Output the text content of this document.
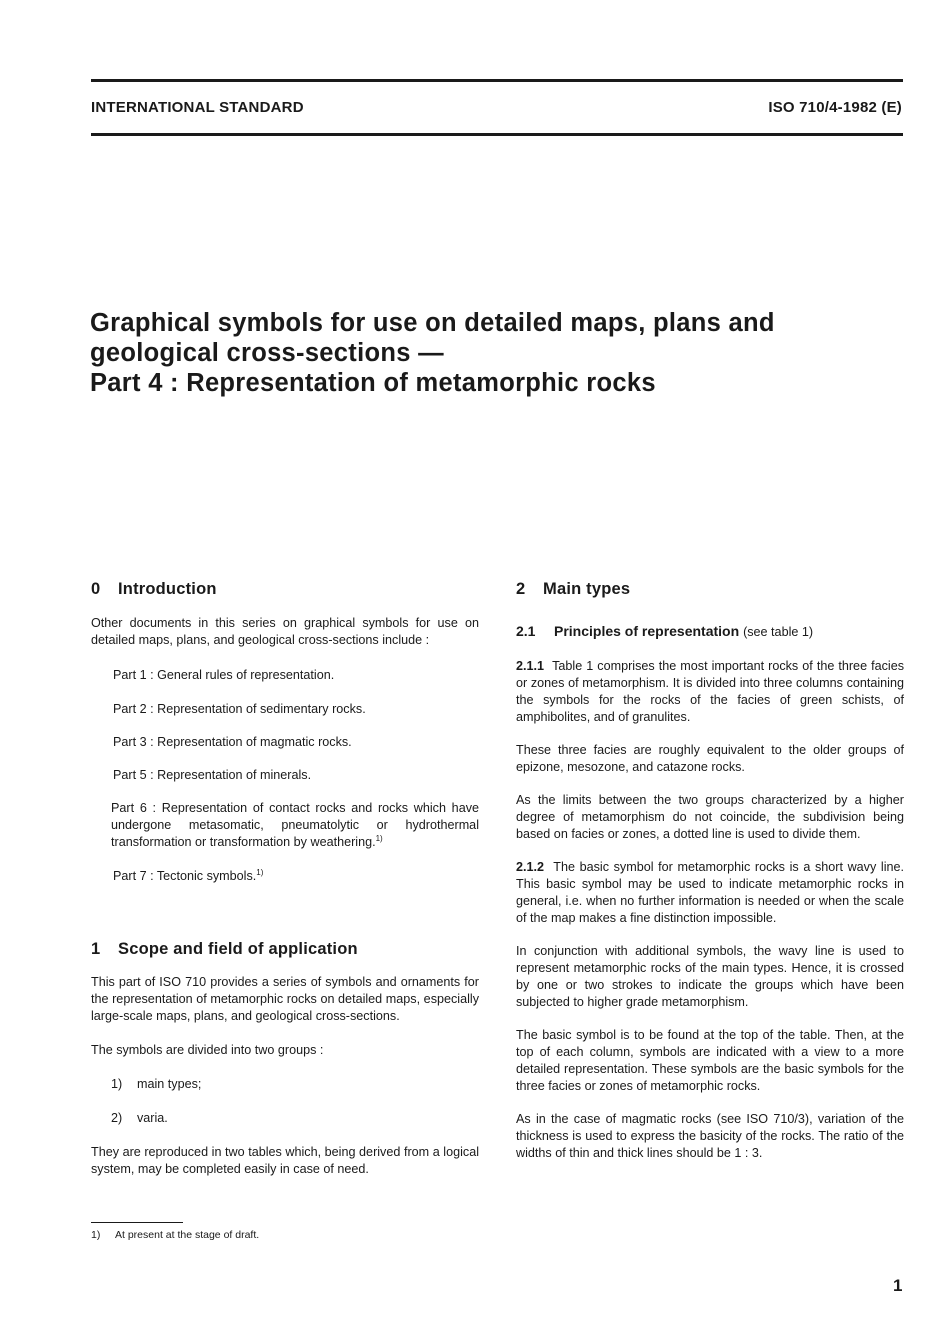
INTERNATIONAL STANDARD	ISO 710/4-1982 (E)
Graphical symbols for use on detailed maps, plans and
geological cross-sections —
Part 4 : Representation of metamorphic rocks
0 Introduction

Other documents in this series on graphical symbols for use on detailed maps, plans, and geological cross-sections include :

Part 1 : General rules of representation.

Part 2 : Representation of sedimentary rocks.

Part 3 : Representation of magmatic rocks.

Part 5 : Representation of minerals.

Part 6 : Representation of contact rocks and rocks which have undergone metasomatic, pneumatolytic or hydrothermal transformation or transformation by weathering.$^{1)}$

Part 7 : Tectonic symbols.$^{1)}$

1 Scope and field of application

This part of ISO 710 provides a series of symbols and ornaments for the representation of metamorphic rocks on detailed maps, especially large-scale maps, plans, and geological cross-sections.

The symbols are divided into two groups :

1) main types;

2) varia.

They are reproduced in two tables which, being derived from a logical system, may be completed easily in case of need.

2 Main types
2.1 Principles of representation (see table 1)

2.1.1 Table 1 comprises the most important rocks of the three facies or zones of metamorphism. It is divided into three columns containing the symbols for the rocks of the facies of green schists, of amphibolites, and of granulites.

These three facies are roughly equivalent to the older groups of epizone, mesozone, and catazone rocks.

As the limits between the two groups characterized by a higher degree of metamorphism do not coincide, the subdivision being based on facies or zones, a dotted line is used to divide them.

2.1.2 The basic symbol for metamorphic rocks is a short wavy line. This basic symbol may be used to indicate metamorphic rocks in general, i.e. when no further information is needed or when the scale of the map makes a fine distinction impossible.

In conjunction with additional symbols, the wavy line is used to represent metamorphic rocks of the main types. Hence, it is crossed by one or two strokes to indicate the groups which have been subjected to higher grade metamorphism.

The basic symbol is to be found at the top of the table. Then, at the top of each column, symbols are indicated with a view to a more detailed representation. These symbols are the basic symbols for the three facies or zones of metamorphic rocks.

As in the case of magmatic rocks (see ISO 710/3), variation of the thickness is used to express the basicity of the rocks. The ratio of the widths of thin and thick lines should be 1 : 3.

1) At present at the stage of draft.
1
